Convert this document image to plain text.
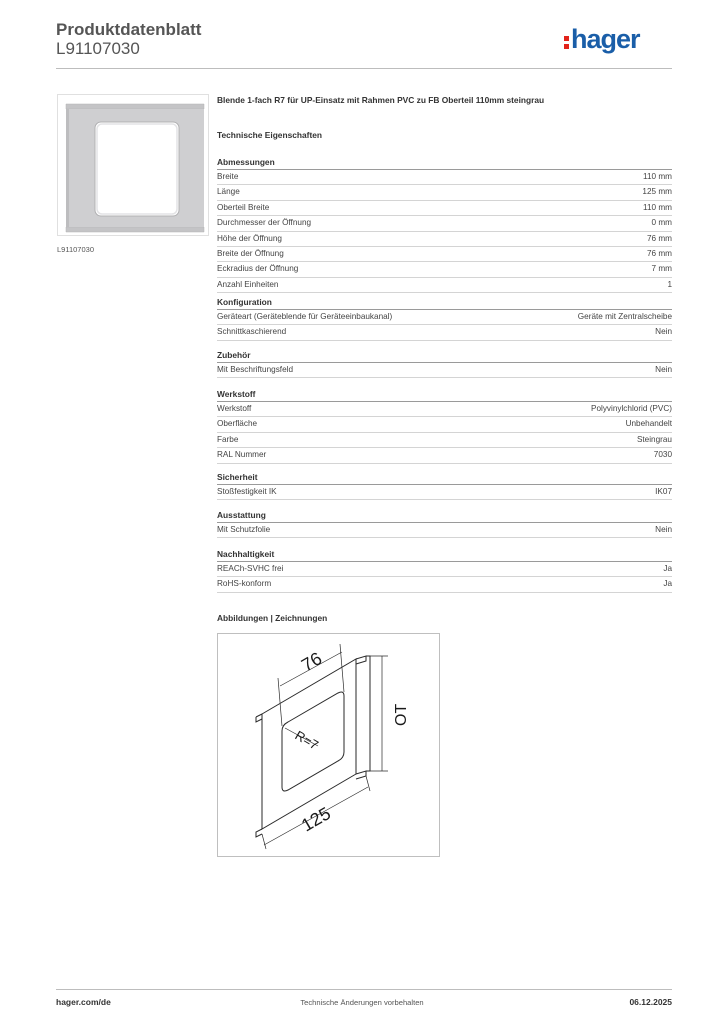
Produktdatenblatt
L91107030	hager
L91107030
Blende 1-fach R7 für UP-Einsatz mit Rahmen PVC zu FB Oberteil 110mm steingrau
Technische Eigenschaften
Abmessungen
Breite	110 mm
Länge	125 mm
Oberteil Breite	110 mm
Durchmesser der Öffnung	0 mm
Höhe der Öffnung	76 mm
Breite der Öffnung	76 mm
Eckradius der Öffnung	7 mm
Anzahl Einheiten	1
Konfiguration
Geräteart (Geräteblende für Geräteeinbaukanal)	Geräte mit Zentralscheibe
Schnittkaschierend	Nein
Zubehör
Mit Beschriftungsfeld	Nein
Werkstoff
Werkstoff	Polyvinylchlorid (PVC)
Oberfläche	Unbehandelt
Farbe	Steingrau
RAL Nummer	7030
Sicherheit
Stoßfestigkeit IK	IK07
Ausstattung
Mit Schutzfolie	Nein
Nachhaltigkeit
REACh-SVHC frei	Ja
RoHS-konform	Ja
Abbildungen | Zeichnungen
76
R=7
OT
125
hager.com/de	Technische Änderungen vorbehalten	06.12.2025
